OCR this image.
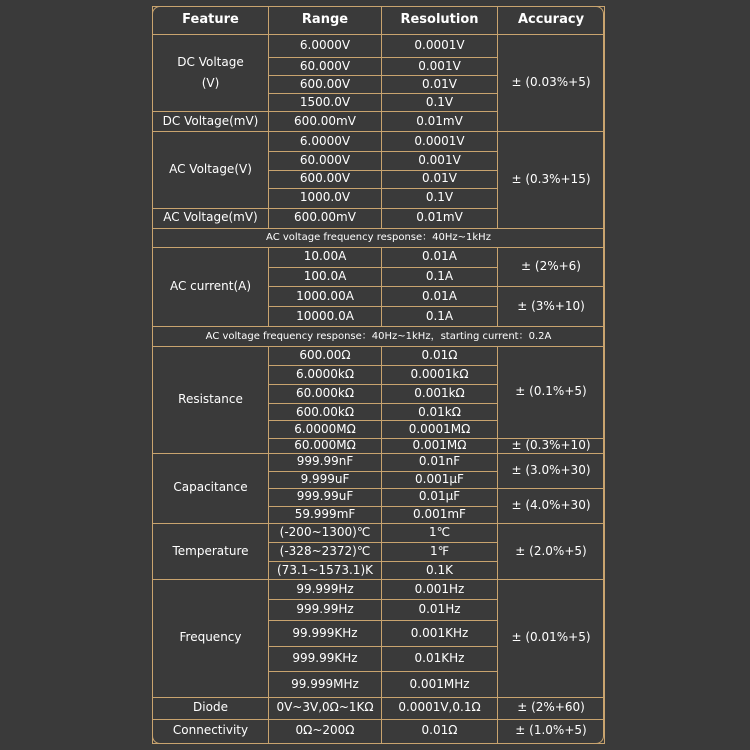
Feature	Range	Resolution	Accuracy
DC Voltage
(V)	6.0000V	0.0001V	± (0.03%+5)
	60.000V	0.001V	
	600.00V	0.01V	
	1500.0V	0.1V	
DC Voltage(mV)	600.00mV	0.01mV	
AC Voltage(V)	6.0000V	0.0001V	± (0.3%+15)
	60.000V	0.001V	
	600.00V	0.01V	
	1000.0V	0.1V	
AC Voltage(mV)	600.00mV	0.01mV	
AC voltage frequency response：40Hz~1kHz			
AC current(A)	10.00A	0.01A	± (2%+6)
	100.0A	0.1A	
	1000.00A	0.01A	± (3%+10)
	10000.0A	0.1A	
AC voltage frequency response：40Hz~1kHz，starting current：0.2A			
Resistance	600.00Ω	0.01Ω	± (0.1%+5)
	6.0000kΩ	0.0001kΩ	
	60.000kΩ	0.001kΩ	
	600.00kΩ	0.01kΩ	
	6.0000MΩ	0.0001MΩ	
	60.000MΩ	0.001MΩ	± (0.3%+10)
Capacitance	999.99nF	0.01nF	± (3.0%+30)
	9.999uF	0.001μF	
	999.99uF	0.01μF	± (4.0%+30)
	59.999mF	0.001mF	
Temperature	(-200~1300)℃	1℃	± (2.0%+5)
	(-328~2372)℃	1℉	
	(73.1~1573.1)K	0.1K	
Frequency	99.999Hz	0.001Hz	± (0.01%+5)
	999.99Hz	0.01Hz	
	99.999KHz	0.001KHz	
	999.99KHz	0.01KHz	
	99.999MHz	0.001MHz	
Diode	0V~3V,0Ω~1KΩ	0.0001V,0.1Ω	± (2%+60)
Connectivity	0Ω~200Ω	0.01Ω	± (1.0%+5)
